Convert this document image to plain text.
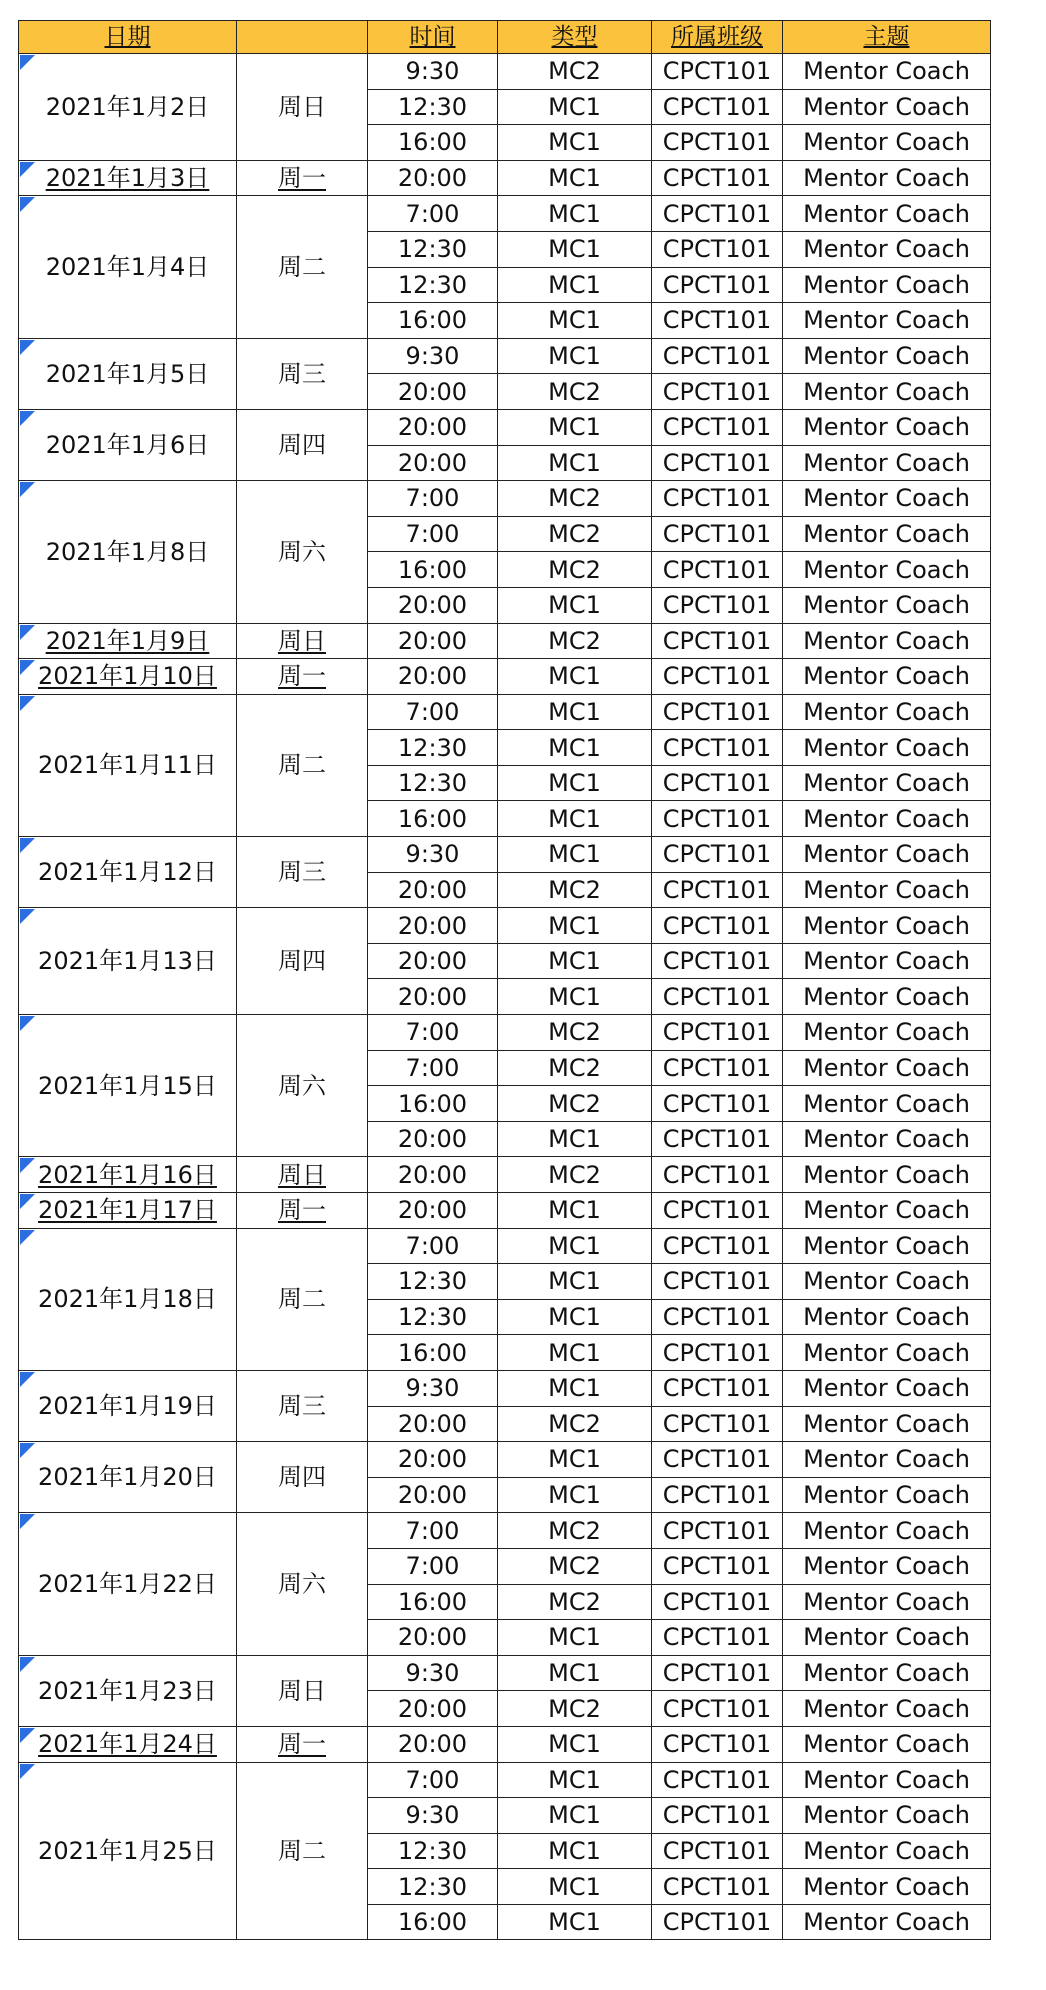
日期		时间	类型	所属班级	主题

2021年1月2日	周日	9:30	MC2	CPCT101	Mentor Coach
		12:30	MC1	CPCT101	Mentor Coach
		16:00	MC1	CPCT101	Mentor Coach

2021年1月3日	周一	20:00	MC1	CPCT101	Mentor Coach

2021年1月4日	周二	7:00	MC1	CPCT101	Mentor Coach
		12:30	MC1	CPCT101	Mentor Coach
		12:30	MC1	CPCT101	Mentor Coach
		16:00	MC1	CPCT101	Mentor Coach

2021年1月5日	周三	9:30	MC1	CPCT101	Mentor Coach
		20:00	MC2	CPCT101	Mentor Coach

2021年1月6日	周四	20:00	MC1	CPCT101	Mentor Coach
		20:00	MC1	CPCT101	Mentor Coach

2021年1月8日	周六	7:00	MC2	CPCT101	Mentor Coach
		7:00	MC2	CPCT101	Mentor Coach
		16:00	MC2	CPCT101	Mentor Coach
		20:00	MC1	CPCT101	Mentor Coach

2021年1月9日	周日	20:00	MC2	CPCT101	Mentor Coach

2021年1月10日	周一	20:00	MC1	CPCT101	Mentor Coach

2021年1月11日	周二	7:00	MC1	CPCT101	Mentor Coach
		12:30	MC1	CPCT101	Mentor Coach
		12:30	MC1	CPCT101	Mentor Coach
		16:00	MC1	CPCT101	Mentor Coach

2021年1月12日	周三	9:30	MC1	CPCT101	Mentor Coach
		20:00	MC2	CPCT101	Mentor Coach

2021年1月13日	周四	20:00	MC1	CPCT101	Mentor Coach
		20:00	MC1	CPCT101	Mentor Coach
		20:00	MC1	CPCT101	Mentor Coach

2021年1月15日	周六	7:00	MC2	CPCT101	Mentor Coach
		7:00	MC2	CPCT101	Mentor Coach
		16:00	MC2	CPCT101	Mentor Coach
		20:00	MC1	CPCT101	Mentor Coach

2021年1月16日	周日	20:00	MC2	CPCT101	Mentor Coach

2021年1月17日	周一	20:00	MC1	CPCT101	Mentor Coach

2021年1月18日	周二	7:00	MC1	CPCT101	Mentor Coach
		12:30	MC1	CPCT101	Mentor Coach
		12:30	MC1	CPCT101	Mentor Coach
		16:00	MC1	CPCT101	Mentor Coach

2021年1月19日	周三	9:30	MC1	CPCT101	Mentor Coach
		20:00	MC2	CPCT101	Mentor Coach

2021年1月20日	周四	20:00	MC1	CPCT101	Mentor Coach
		20:00	MC1	CPCT101	Mentor Coach

2021年1月22日	周六	7:00	MC2	CPCT101	Mentor Coach
		7:00	MC2	CPCT101	Mentor Coach
		16:00	MC2	CPCT101	Mentor Coach
		20:00	MC1	CPCT101	Mentor Coach

2021年1月23日	周日	9:30	MC1	CPCT101	Mentor Coach
		20:00	MC2	CPCT101	Mentor Coach

2021年1月24日	周一	20:00	MC1	CPCT101	Mentor Coach

2021年1月25日	周二	7:00	MC1	CPCT101	Mentor Coach
		9:30	MC1	CPCT101	Mentor Coach
		12:30	MC1	CPCT101	Mentor Coach
		12:30	MC1	CPCT101	Mentor Coach
		16:00	MC1	CPCT101	Mentor Coach
